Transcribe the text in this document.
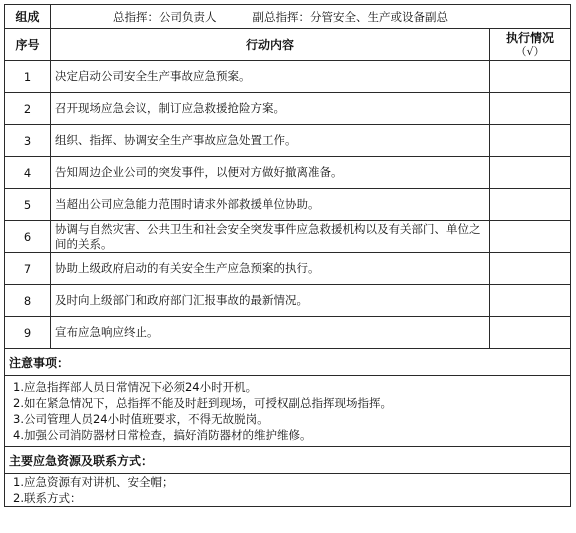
组成	总指挥：公司负责人 副总指挥：分管安全、生产或设备副总	
序号	行动内容	执行情况
（√）

1	决定启动公司安全生产事故应急预案。	
2	召开现场应急会议，制订应急救援抢险方案。	
3	组织、指挥、协调安全生产事故应急处置工作。	
4	告知周边企业公司的突发事件，以便对方做好撤离准备。	
5	当超出公司应急能力范围时请求外部救援单位协助。	
6	协调与自然灾害、公共卫生和社会安全突发事件应急救援机构以及有关部门、单位之间的关系。	
7	协助上级政府启动的有关安全生产应急预案的执行。	
8	及时向上级部门和政府部门汇报事故的最新情况。	
9	宣布应急响应终止。	
注意事项：		

1.应急指挥部人员日常情况下必须24小时开机。
2.如在紧急情况下，总指挥不能及时赶到现场，可授权副总指挥现场指挥。
3.公司管理人员24小时值班要求，不得无故脱岗。
4.加强公司消防器材日常检查，搞好消防器材的维护维修。		

主要应急资源及联系方式：		

1.应急资源有对讲机、安全帽；
2.联系方式：		
